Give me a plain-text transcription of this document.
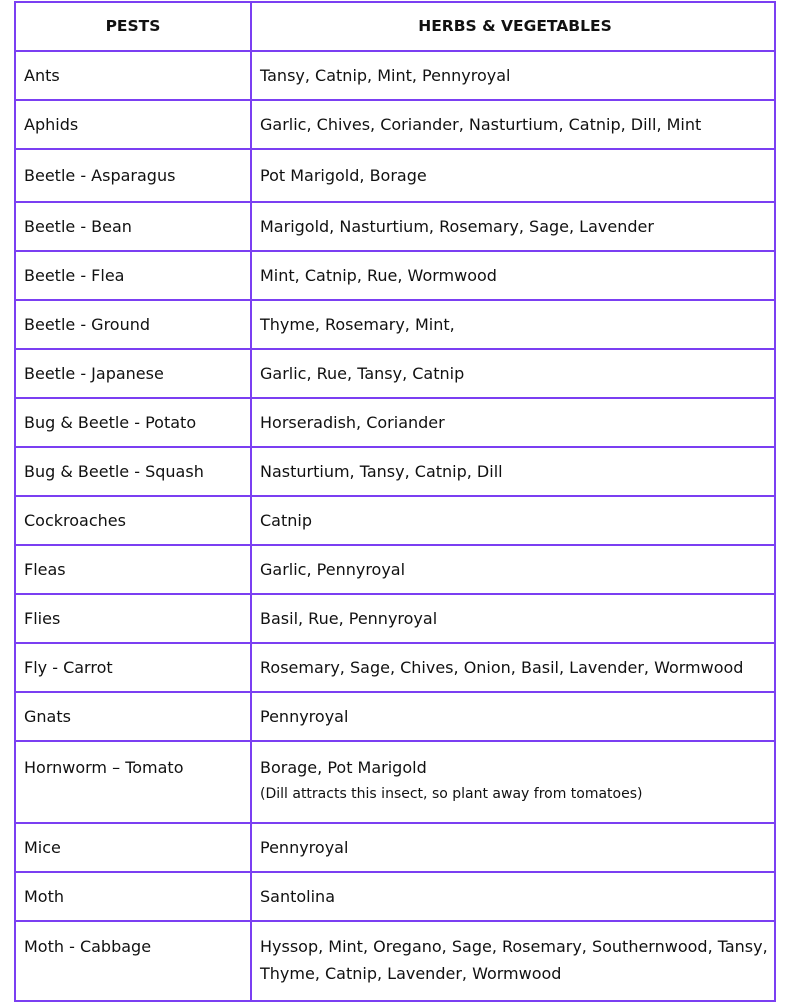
PESTS	HERBS & VEGETABLES
Ants	Tansy, Catnip, Mint, Pennyroyal
Aphids	Garlic, Chives, Coriander, Nasturtium, Catnip, Dill, Mint
Beetle - Asparagus	Pot Marigold, Borage
Beetle - Bean	Marigold, Nasturtium, Rosemary, Sage, Lavender
Beetle - Flea	Mint, Catnip, Rue, Wormwood
Beetle - Ground	Thyme, Rosemary, Mint,
Beetle - Japanese	Garlic, Rue, Tansy, Catnip
Bug & Beetle - Potato	Horseradish, Coriander
Bug & Beetle - Squash	Nasturtium, Tansy, Catnip, Dill
Cockroaches	Catnip
Fleas	Garlic, Pennyroyal
Flies	Basil, Rue, Pennyroyal
Fly - Carrot	Rosemary, Sage, Chives, Onion, Basil, Lavender, Wormwood
Gnats	Pennyroyal
Hornworm – Tomato	Borage, Pot Marigold
(Dill attracts this insect, so plant away from tomatoes)

Mice	Pennyroyal
Moth	Santolina
Moth - Cabbage	Hyssop, Mint, Oregano, Sage, Rosemary, Southernwood, Tansy,
Thyme, Catnip, Lavender, Wormwood
